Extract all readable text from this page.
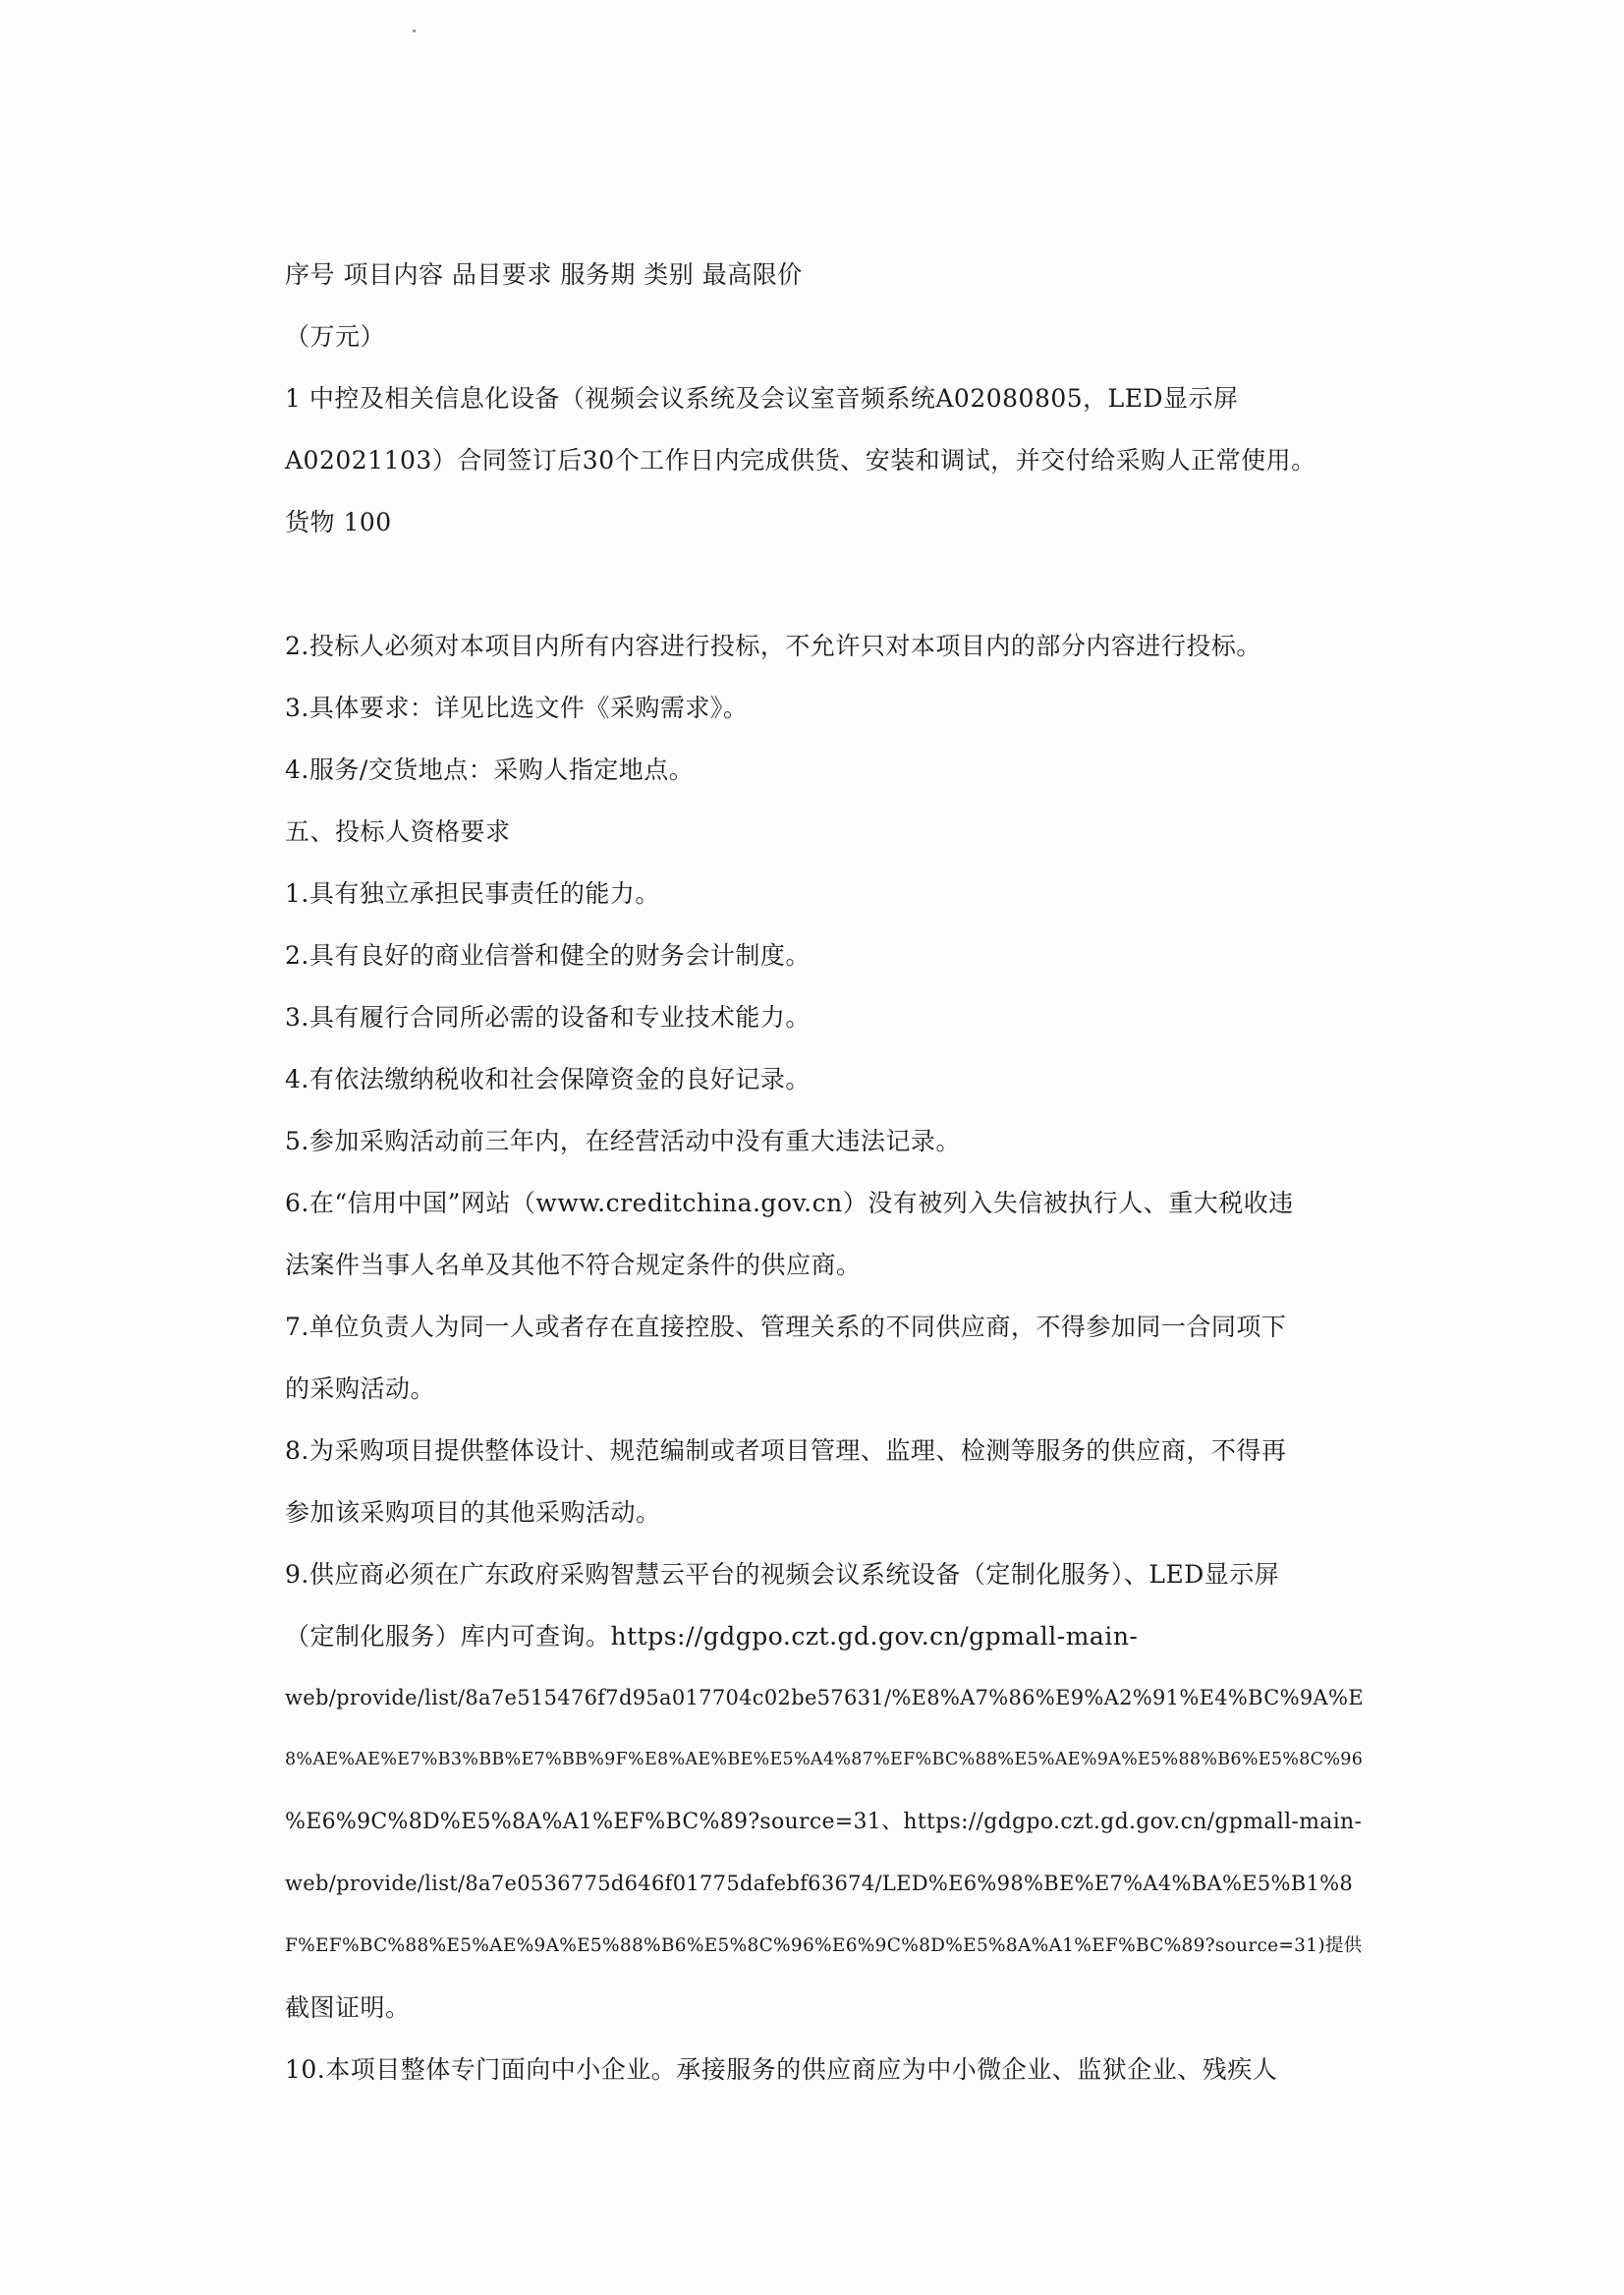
序号 项目内容 品目要求 服务期 类别 最高限价
（万元）
1 中控及相关信息化设备（视频会议系统及会议室音频系统A02080805，LED显示屏
A02021103）合同签订后30个工作日内完成供货、安装和调试，并交付给采购人正常使用。
货物 100
2.投标人必须对本项目内所有内容进行投标，不允许只对本项目内的部分内容进行投标。
3.具体要求：详见比选文件《采购需求》。
4.服务/交货地点：采购人指定地点。
五、投标人资格要求
1.具有独立承担民事责任的能力。
2.具有良好的商业信誉和健全的财务会计制度。
3.具有履行合同所必需的设备和专业技术能力。
4.有依法缴纳税收和社会保障资金的良好记录。
5.参加采购活动前三年内，在经营活动中没有重大违法记录。
6.在“信用中国”网站（www.creditchina.gov.cn）没有被列入失信被执行人、重大税收违
法案件当事人名单及其他不符合规定条件的供应商。
7.单位负责人为同一人或者存在直接控股、管理关系的不同供应商，不得参加同一合同项下
的采购活动。
8.为采购项目提供整体设计、规范编制或者项目管理、监理、检测等服务的供应商，不得再
参加该采购项目的其他采购活动。
9.供应商必须在广东政府采购智慧云平台的视频会议系统设备（定制化服务）、LED显示屏
（定制化服务）库内可查询。https://gdgpo.czt.gd.gov.cn/gpmall-main-
web/provide/list/8a7e515476f7d95a017704c02be57631/%E8%A7%86%E9%A2%91%E4%BC%9A%E
8%AE%AE%E7%B3%BB%E7%BB%9F%E8%AE%BE%E5%A4%87%EF%BC%88%E5%AE%9A%E5%88%B6%E5%8C%96
%E6%9C%8D%E5%8A%A1%EF%BC%89?source=31、https://gdgpo.czt.gd.gov.cn/gpmall-main-
web/provide/list/8a7e0536775d646f01775dafebf63674/LED%E6%98%BE%E7%A4%BA%E5%B1%8
F%EF%BC%88%E5%AE%9A%E5%88%B6%E5%8C%96%E6%9C%8D%E5%8A%A1%EF%BC%89?source=31)提供
截图证明。
10.本项目整体专门面向中小企业。承接服务的供应商应为中小微企业、监狱企业、残疾人
